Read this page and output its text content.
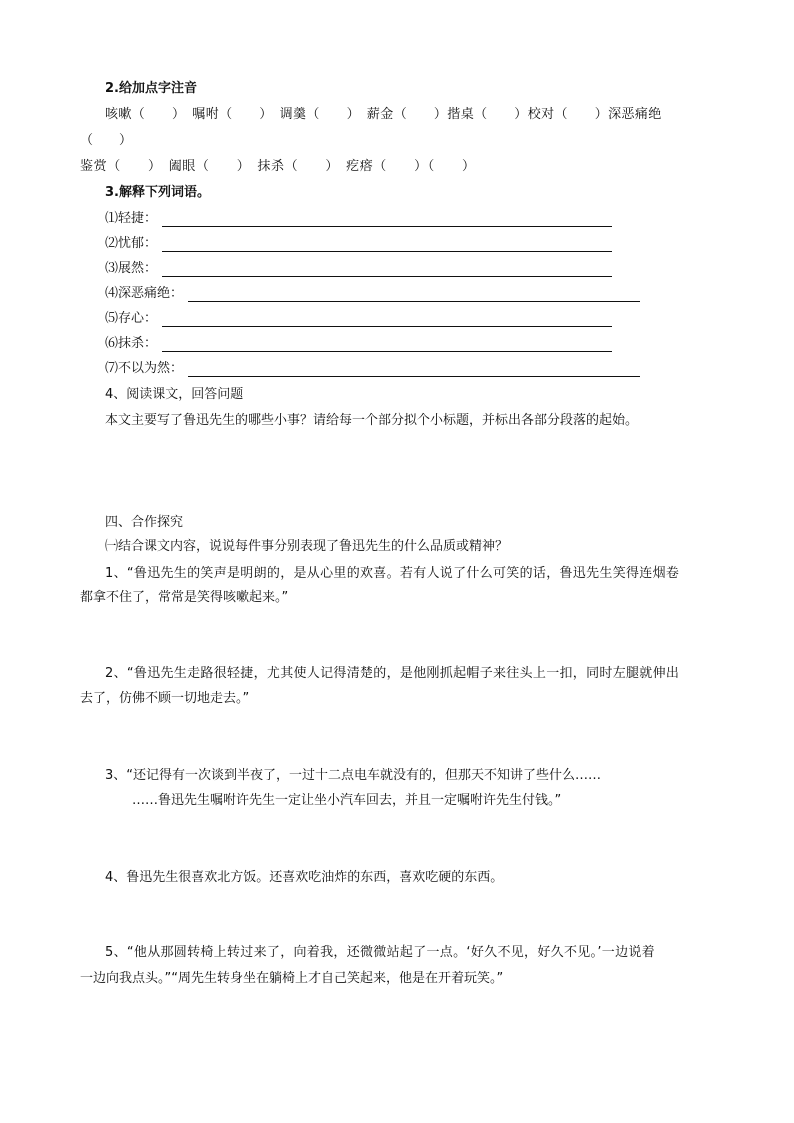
2.给加点字注音
咳嗽（　　）　嘱咐（　　）　调羹（　　）　薪金（　　）揩桌（　　）校对（　　）深恶痛绝
（　　）
鉴赏（　　）　阖眼（　　）　抹杀（　　）　疙瘩（　　）（　　）
3.解释下列词语。
⑴轻捷：
⑵忧郁：
⑶展然：
⑷深恶痛绝：
⑸存心：
⑹抹杀：
⑺不以为然：
4、阅读课文，回答问题
本文主要写了鲁迅先生的哪些小事？请给每一个部分拟个小标题，并标出各部分段落的起始。
四、合作探究
㈠结合课文内容，说说每件事分别表现了鲁迅先生的什么品质或精神？
1、“鲁迅先生的笑声是明朗的，是从心里的欢喜。若有人说了什么可笑的话，鲁迅先生笑得连烟卷
都拿不住了，常常是笑得咳嗽起来。”
2、“鲁迅先生走路很轻捷，尤其使人记得清楚的，是他刚抓起帽子来往头上一扣，同时左腿就伸出
去了，仿佛不顾一切地走去。”
3、“还记得有一次谈到半夜了，一过十二点电车就没有的，但那天不知讲了些什么……
……鲁迅先生嘱咐许先生一定让坐小汽车回去，并且一定嘱咐许先生付钱。”
4、鲁迅先生很喜欢北方饭。还喜欢吃油炸的东西，喜欢吃硬的东西。
5、“他从那圆转椅上转过来了，向着我，还微微站起了一点。‘好久不见，好久不见。’一边说着
一边向我点头。”“周先生转身坐在躺椅上才自己笑起来，他是在开着玩笑。”
